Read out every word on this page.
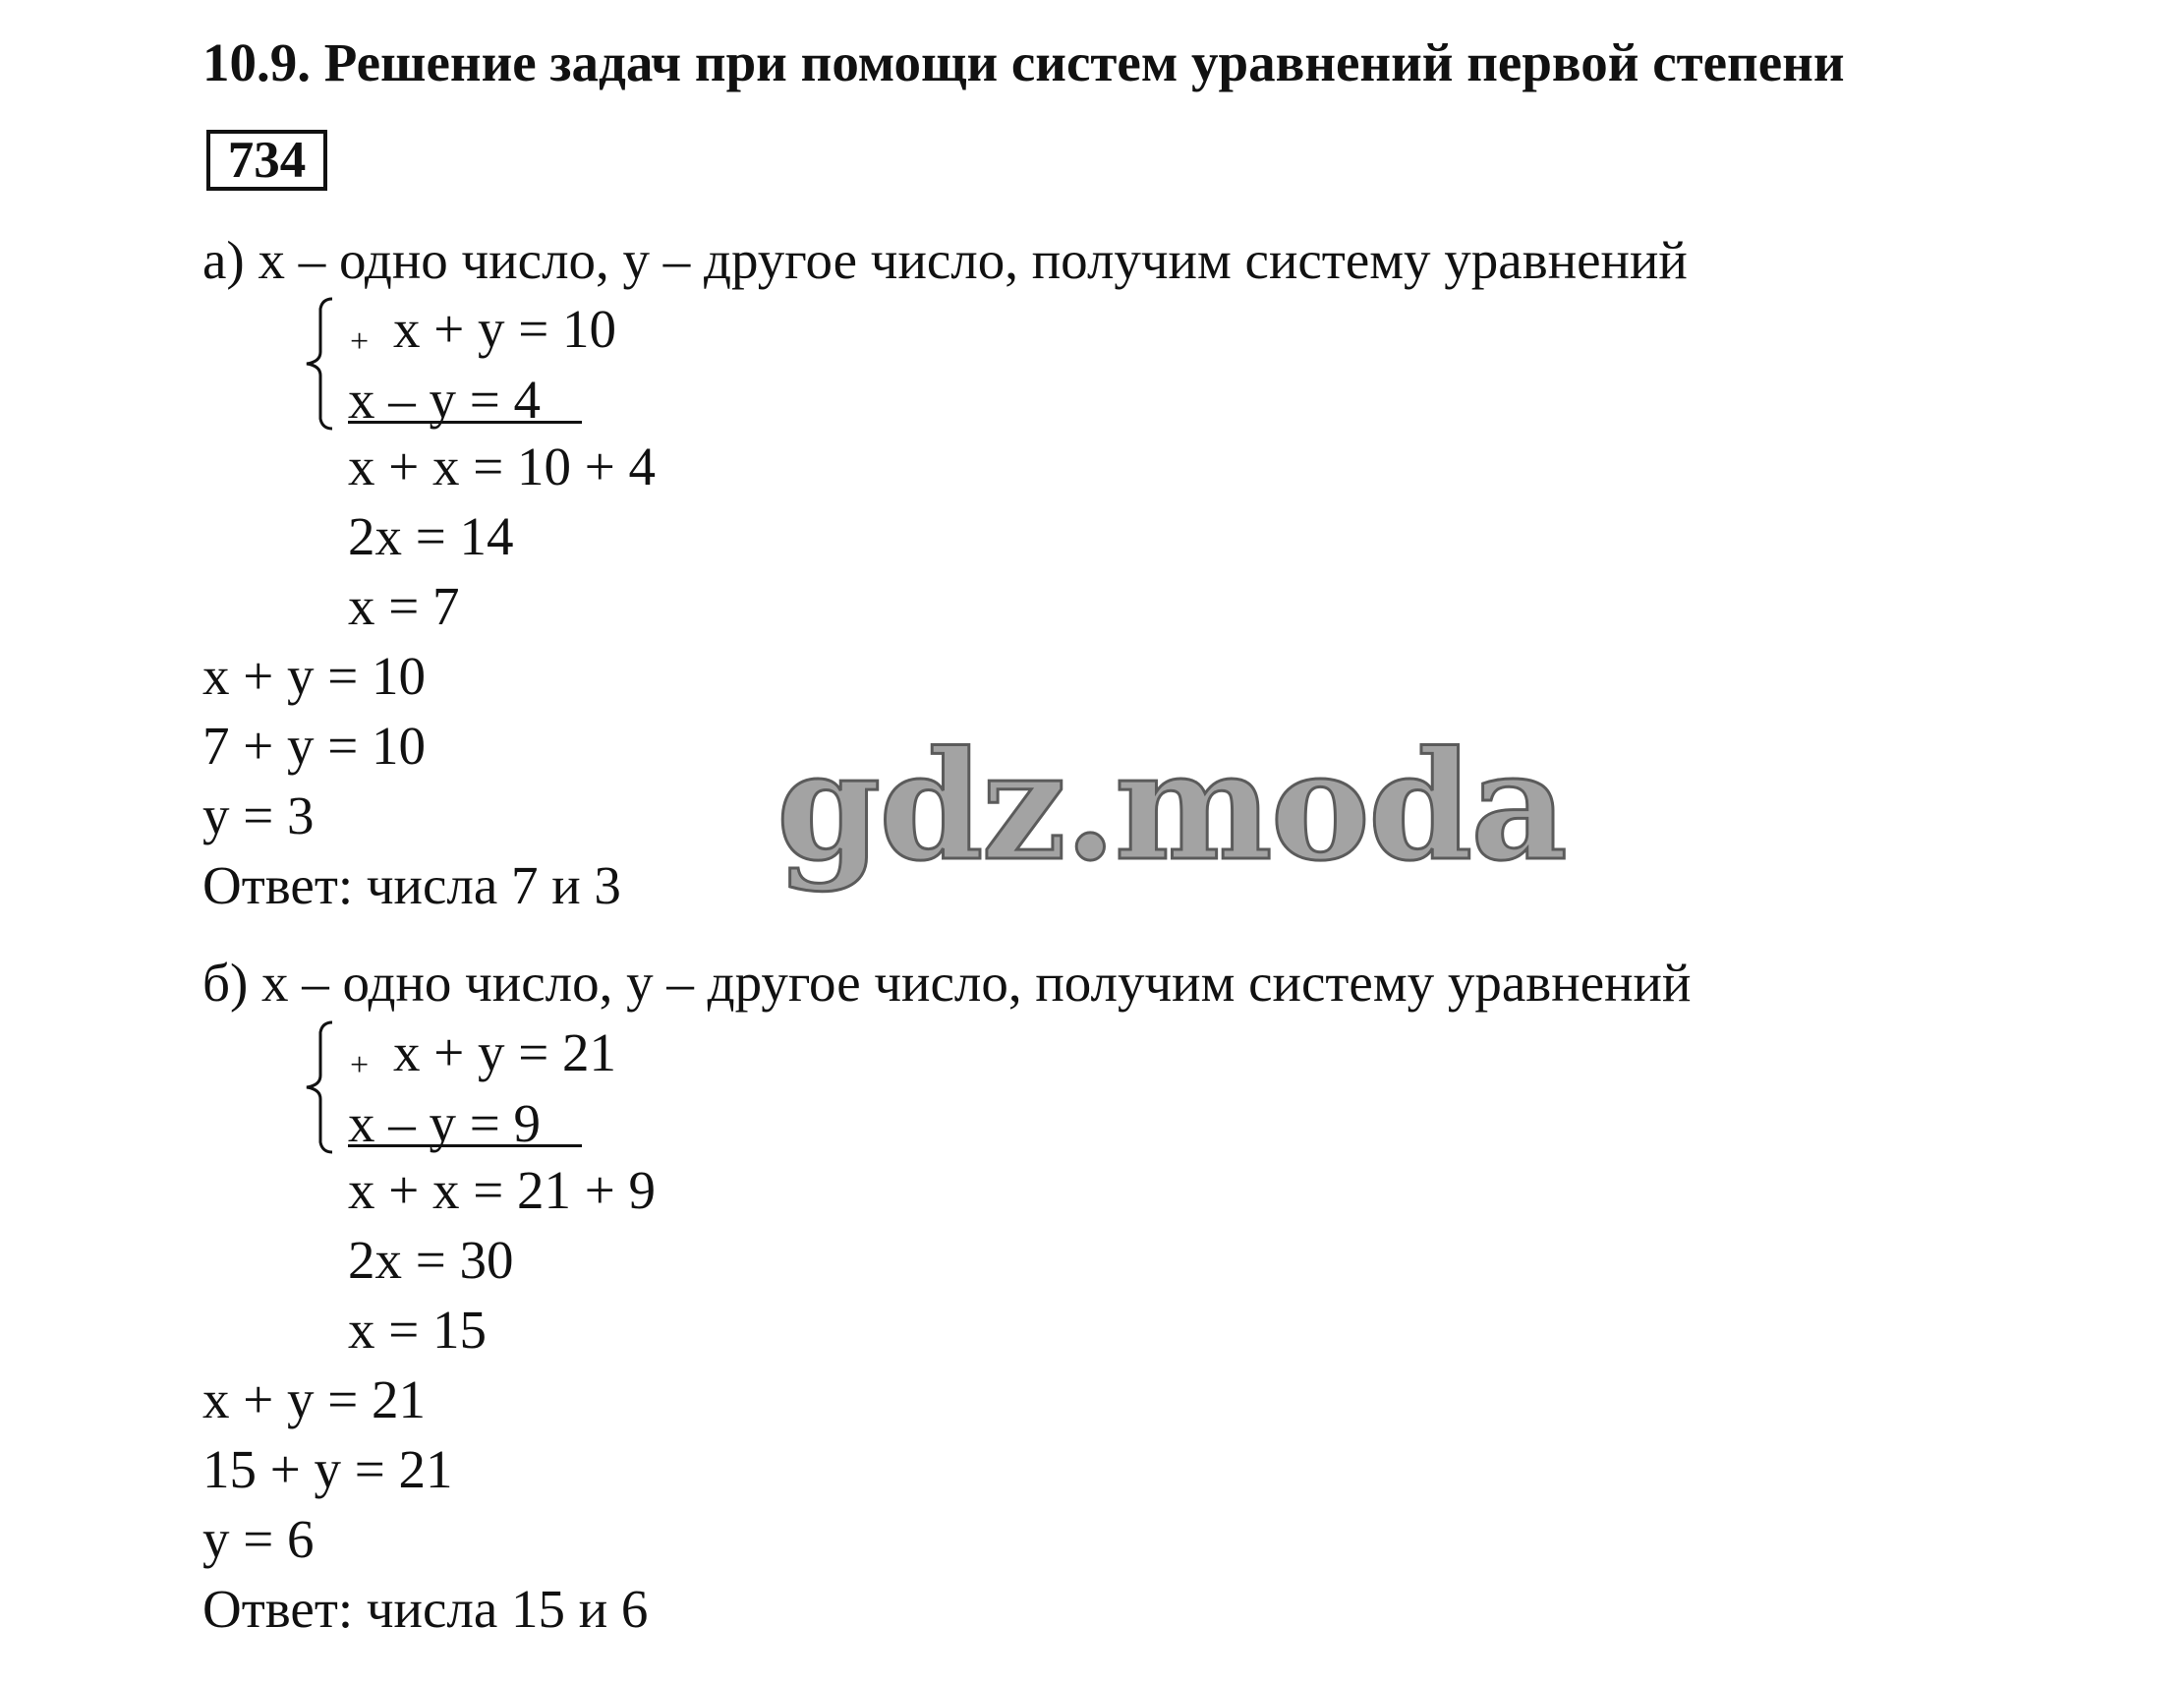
10.9. Решение задач при помощи систем уравнений первой степени
734
а) x – одно число, y – другое число, получим систему уравнений
+ x + y = 10
x – y = 4
x + x = 10 + 4
2x = 14
x = 7
x + y = 10
7 + y = 10
y = 3
Ответ: числа 7 и 3
б) x – одно число, y – другое число, получим систему уравнений
+ x + y = 21
x – y = 9
x + x = 21 + 9
2x = 30
x = 15
x + y = 21
15 + y = 21
y = 6
Ответ: числа 15 и 6
gdz.moda
